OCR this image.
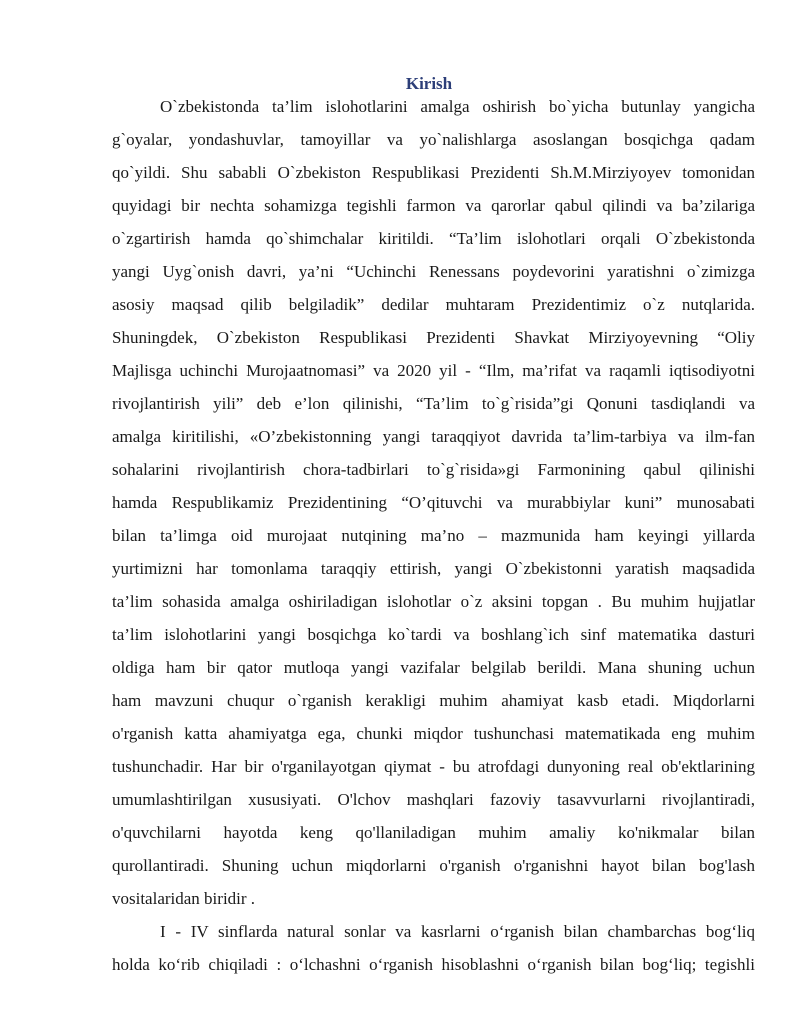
Kirish
O`zbekistonda ta’lim islohotlarini amalga oshirish bo`yicha butunlay yangicha
g`oyalar, yondashuvlar, tamoyillar va yo`nalishlarga asoslangan bosqichga qadam
qo`yildi. Shu sababli O`zbekiston Respublikasi Prezidenti Sh.M.Mirziyoyev tomonidan
quyidagi bir nechta sohamizga tegishli farmon va qarorlar qabul qilindi va ba’zilariga
o`zgartirish hamda qo`shimchalar kiritildi. “Ta’lim islohotlari orqali O`zbekistonda
yangi Uyg`onish davri, ya’ni “Uchinchi Renessans poydevorini yaratishni o`zimizga
asosiy maqsad qilib belgiladik” dedilar muhtaram Prezidentimiz o`z nutqlarida.
Shuningdek, O`zbekiston Respublikasi Prezidenti Shavkat Mirziyoyevning “Oliy
Majlisga uchinchi Murojaatnomasi” va 2020 yil - “Ilm, ma’rifat va raqamli iqtisodiyotni
rivojlantirish yili” deb e’lon qilinishi, “Ta’lim to`g`risida”gi Qonuni tasdiqlandi va
amalga kiritilishi, «O’zbekistonning yangi taraqqiyot davrida ta’lim-tarbiya va ilm-fan
sohalarini rivojlantirish chora-tadbirlari to`g`risida»gi Farmonining qabul qilinishi
hamda Respublikamiz Prezidentining “O’qituvchi va murabbiylar kuni” munosabati
bilan ta’limga oid murojaat nutqining ma’no – mazmunida ham keyingi yillarda
yurtimizni har tomonlama taraqqiy ettirish, yangi O`zbekistonni yaratish maqsadida
ta’lim sohasida amalga oshiriladigan islohotlar o`z aksini topgan . Bu muhim hujjatlar
ta’lim islohotlarini yangi bosqichga ko`tardi va boshlang`ich sinf matematika dasturi
oldiga ham bir qator mutloqa yangi vazifalar belgilab berildi. Mana shuning uchun
ham mavzuni chuqur o`rganish kerakligi muhim ahamiyat kasb etadi. Miqdorlarni
o'rganish katta ahamiyatga ega, chunki miqdor tushunchasi matematikada eng muhim
tushunchadir. Har bir o'rganilayotgan qiymat - bu atrofdagi dunyoning real ob'ektlarining
umumlashtirilgan xususiyati. O'lchov mashqlari fazoviy tasavvurlarni rivojlantiradi,
o'quvchilarni hayotda keng qo'llaniladigan muhim amaliy ko'nikmalar bilan
qurollantiradi. Shuning uchun miqdorlarni o'rganish o'rganishni hayot bilan bog'lash
vositalaridan biridir .
I - IV sinflarda natural sonlar va kasrlarni o‘rganish bilan chambarchas bog‘liq
holda ko‘rib chiqiladi : o‘lchashni o‘rganish hisoblashni o‘rganish bilan bog‘liq; tegishli
